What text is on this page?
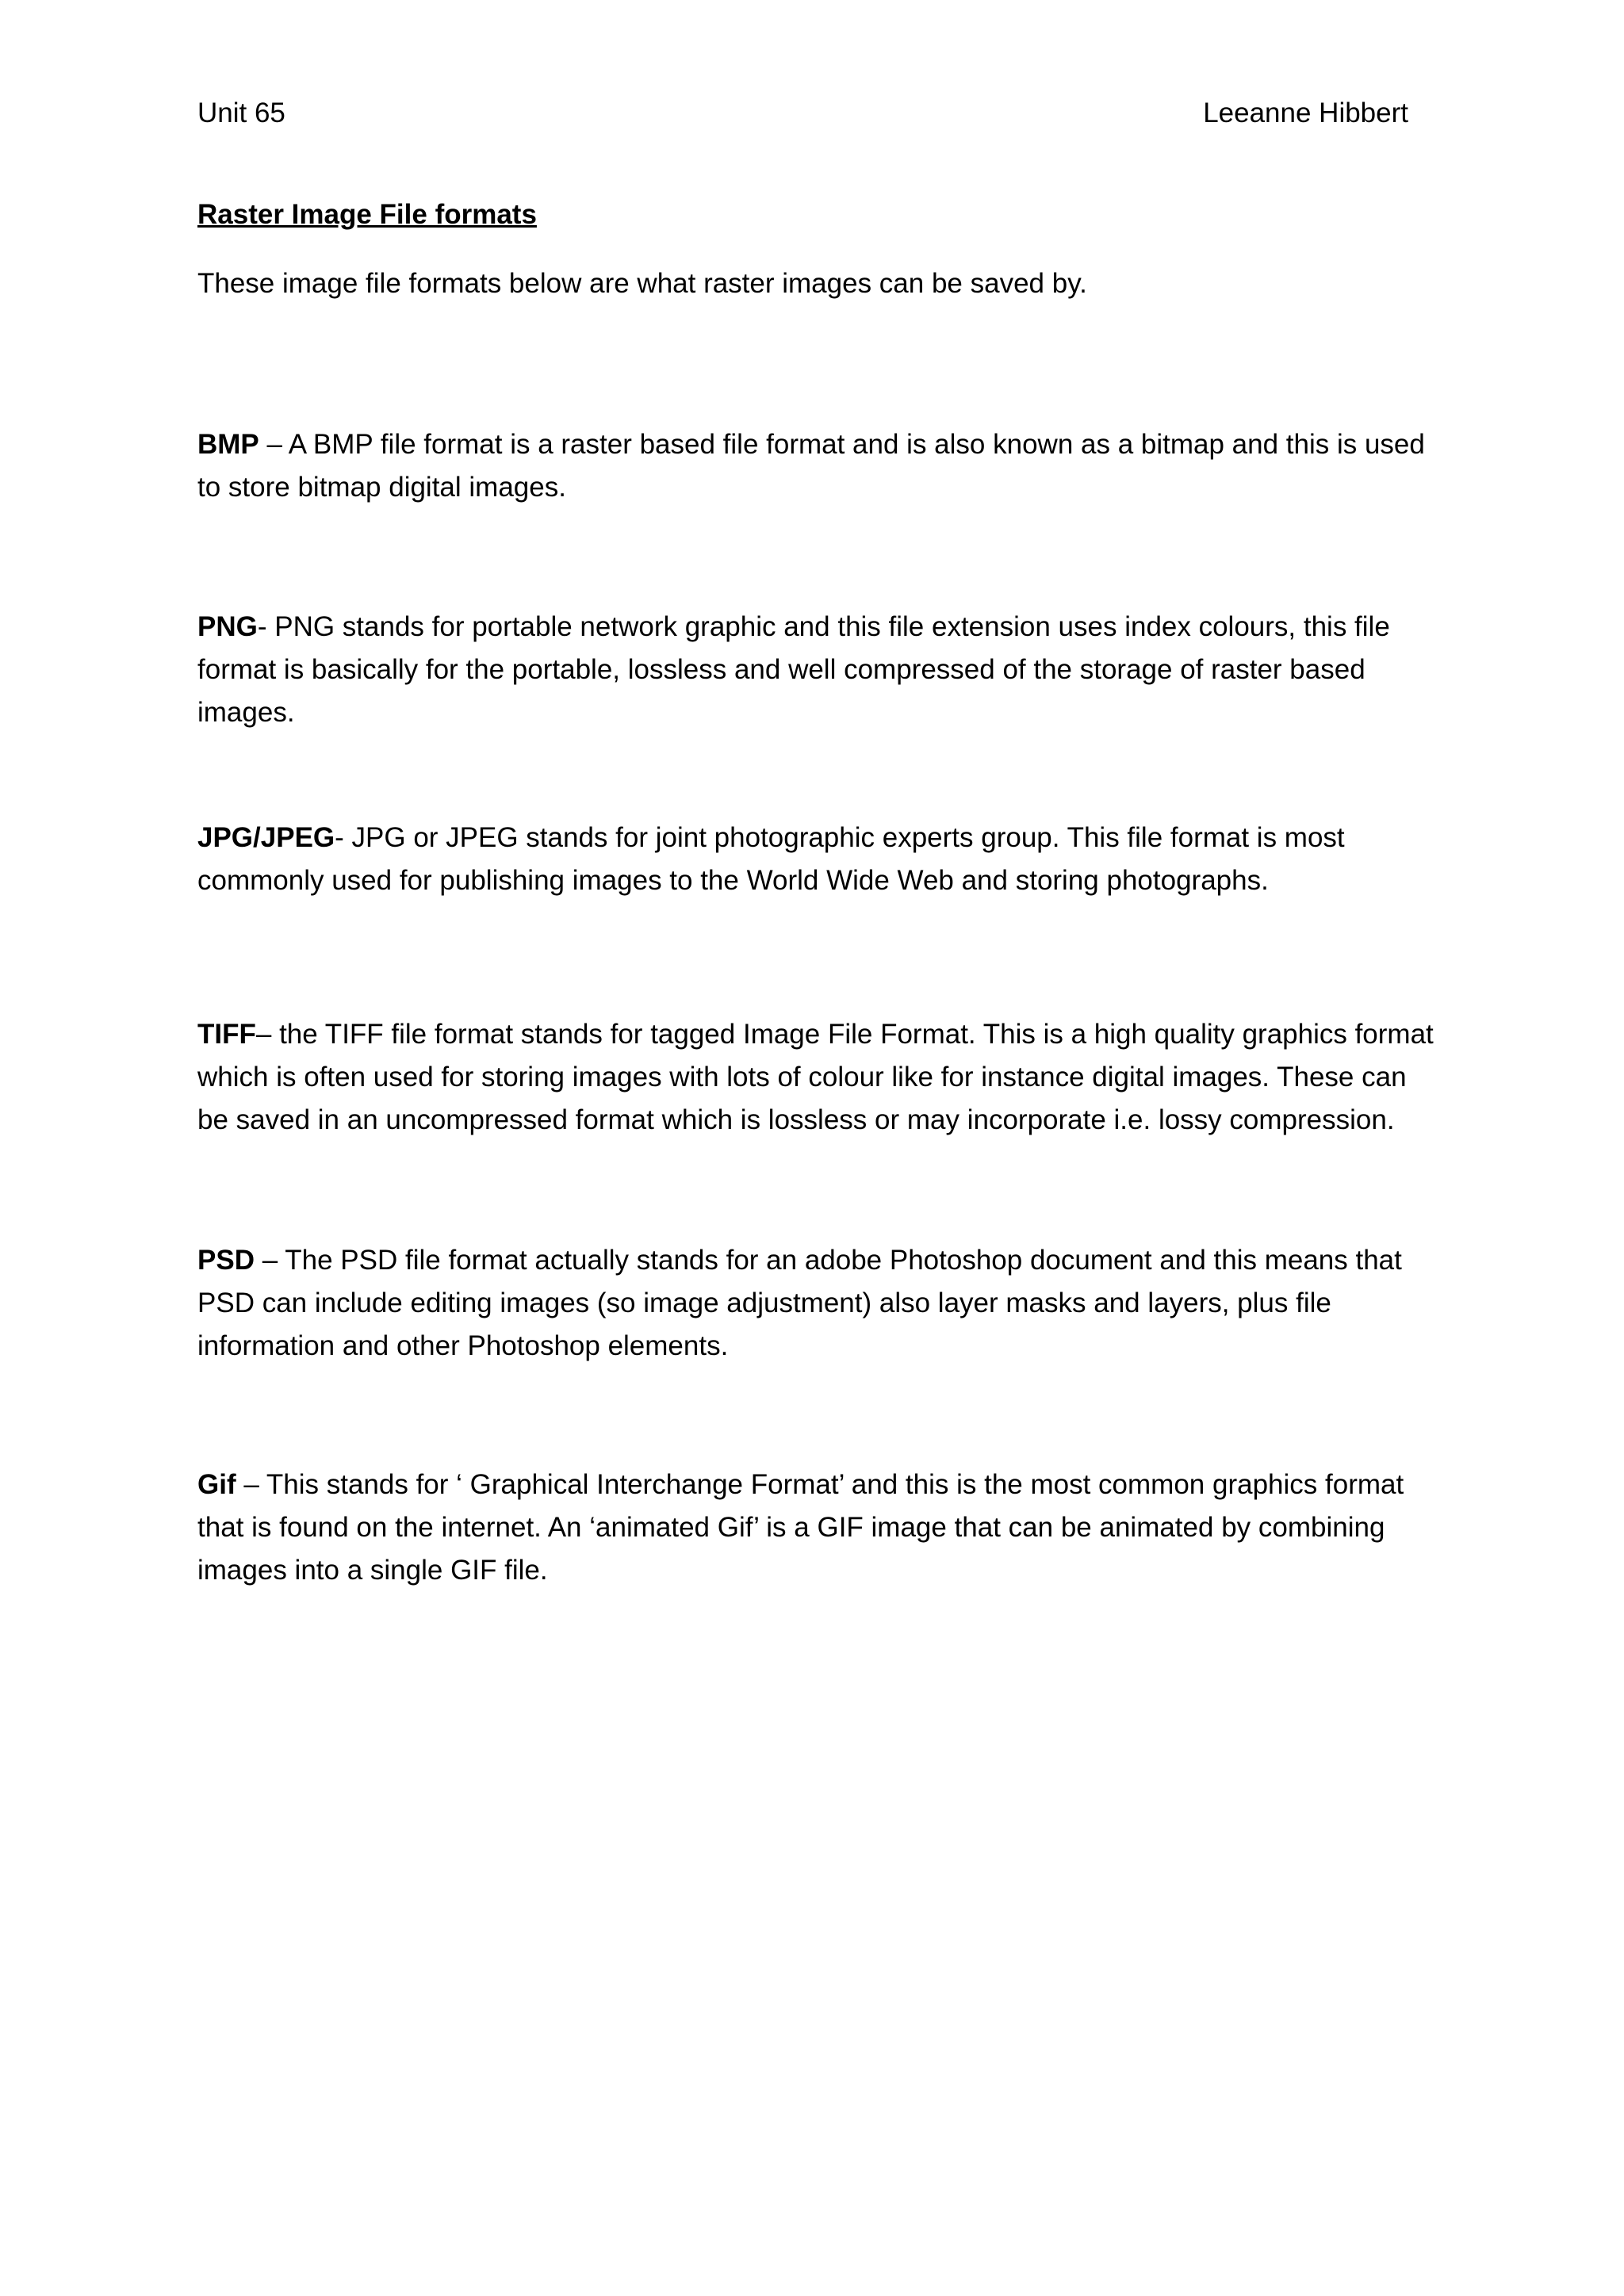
Unit 65	Leeanne Hibbert
Raster Image File formats
These image file formats below are what raster images can be saved by.
BMP – A BMP file format is a raster based file format and is also known as a bitmap and this is used to store bitmap digital images.
PNG- PNG stands for portable network graphic and this file extension uses index colours, this file format is basically for the portable, lossless and well compressed of the storage of raster based images.
JPG/JPEG- JPG or JPEG stands for joint photographic experts group. This file format is most commonly used for publishing images to the World Wide Web and storing photographs.
TIFF– the TIFF file format stands for tagged Image File Format. This is a high quality graphics format which is often used for storing images with lots of colour like for instance digital images. These can be saved in an uncompressed format which is lossless or may incorporate i.e. lossy compression.
PSD – The PSD file format actually stands for an adobe Photoshop document and this means that PSD can include editing images (so image adjustment) also layer masks and layers, plus file information and other Photoshop elements.
Gif – This stands for ‘ Graphical Interchange Format’ and this is the most common graphics format that is found on the internet. An ‘animated Gif’ is a GIF image that can be animated by combining images into a single GIF file.
